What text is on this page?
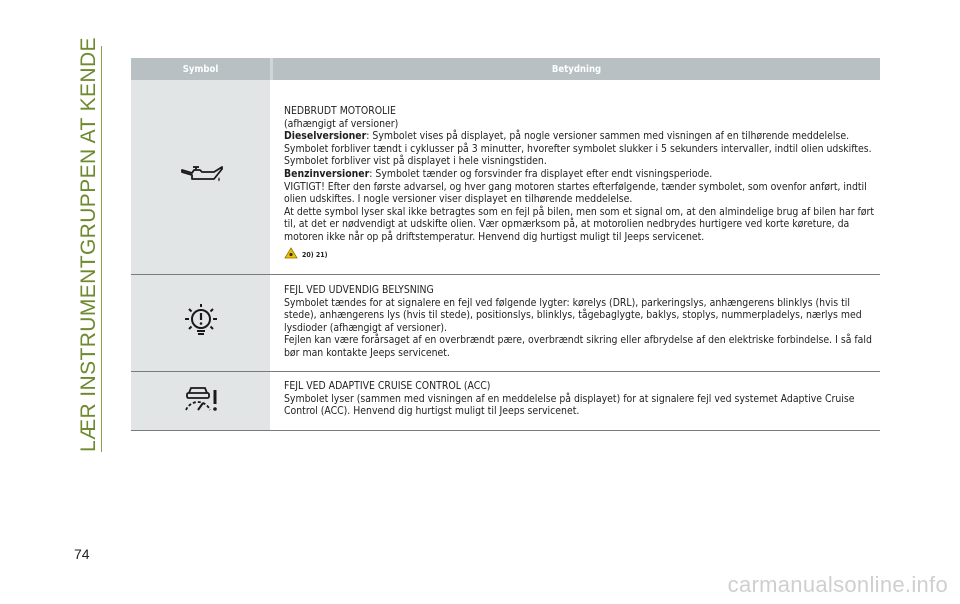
LÆR INSTRUMENTGRUPPEN AT KENDE	Symbol	Betydning

NEDBRUDT MOTOROLIE

(afhængigt af versioner)

Dieselversioner: Symbolet vises på displayet, på nogle versioner sammen med visningen af en tilhørende meddelelse. Symbolet forbliver tændt i cyklusser på 3 minutter, hvorefter symbolet slukker i 5 sekunders intervaller, indtil olien udskiftes. Symbolet forbliver vist på displayet i hele visningstiden.

Benzinversioner: Symbolet tænder og forsvinder fra displayet efter endt visningsperiode.

VIGTIGT! Efter den første advarsel, og hver gang motoren startes efterfølgende, tænder symbolet, som ovenfor anført, indtil olien udskiftes. I nogle versioner viser displayet en tilhørende meddelelse.

At dette symbol lyser skal ikke betragtes som en fejl på bilen, men som et signal om, at den almindelige brug af bilen har ført til, at det er nødvendigt at udskifte olien. Vær opmærksom på, at motorolien nedbrydes hurtigere ved korte køreture, da motoren ikke når op på driftstemperatur. Henvend dig hurtigst muligt til Jeeps servicenet.

20) 21)

FEJL VED UDVENDIG BELYSNING

Symbolet tændes for at signalere en fejl ved følgende lygter: kørelys (DRL), parkeringslys, anhængerens blinklys (hvis til stede), anhængerens lys (hvis til stede), positionslys, blinklys, tågebaglygte, baklys, stoplys, nummerpladelys, nærlys med lysdioder (afhængigt af versioner).

Fejlen kan være forårsaget af en overbrændt pære, overbrændt sikring eller afbrydelse af den elektriske forbindelse. I så fald bør man kontakte Jeeps servicenet.

FEJL VED ADAPTIVE CRUISE CONTROL (ACC)

Symbolet lyser (sammen med visningen af en meddelelse på displayet) for at signalere fejl ved systemet Adaptive Cruise Control (ACC). Henvend dig hurtigst muligt til Jeeps servicenet.

74
carmanualsonline.info
